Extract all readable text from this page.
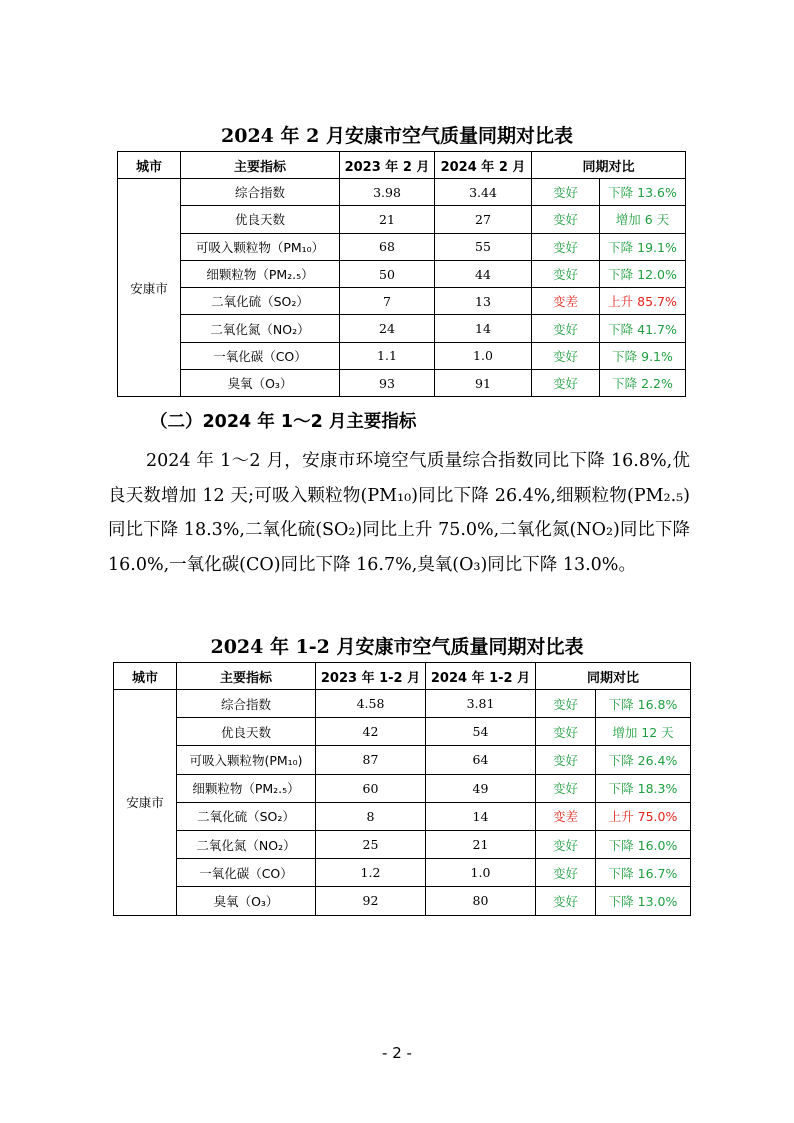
2024 年 2 月安康市空气质量同期对比表
城市	主要指标	2023 年 2 月	2024 年 2 月	同期对比	
安康市	综合指数	3.98	3.44	变好	下降 13.6%
	优良天数	21	27	变好	增加 6 天
	可吸入颗粒物（PM₁₀）	68	55	变好	下降 19.1%
	细颗粒物（PM₂.₅）	50	44	变好	下降 12.0%
	二氧化硫（SO₂）	7	13	变差	上升 85.7%
	二氧化氮（NO₂）	24	14	变好	下降 41.7%
	一氧化碳（CO）	1.1	1.0	变好	下降 9.1%
	臭氧（O₃）	93	91	变好	下降 2.2%
（二）2024 年 1～2 月主要指标

2024 年 1～2 月，安康市环境空气质量综合指数同比下降 16.8%,优良天数增加 12 天;可吸入颗粒物(PM₁₀)同比下降 26.4%,细颗粒物(PM₂.₅)同比下降 18.3%,二氧化硫(SO₂)同比上升 75.0%,二氧化氮(NO₂)同比下降 16.0%,一氧化碳(CO)同比下降 16.7%,臭氧(O₃)同比下降 13.0%。

2024 年 1-2 月安康市空气质量同期对比表
城市	主要指标	2023 年 1-2 月	2024 年 1-2 月	同期对比	
安康市	综合指数	4.58	3.81	变好	下降 16.8%
	优良天数	42	54	变好	增加 12 天
	可吸入颗粒物(PM₁₀)	87	64	变好	下降 26.4%
	细颗粒物（PM₂.₅）	60	49	变好	下降 18.3%
	二氧化硫（SO₂）	8	14	变差	上升 75.0%
	二氧化氮（NO₂）	25	21	变好	下降 16.0%
	一氧化碳（CO）	1.2	1.0	变好	下降 16.7%
	臭氧（O₃）	92	80	变好	下降 13.0%
- 2 -
